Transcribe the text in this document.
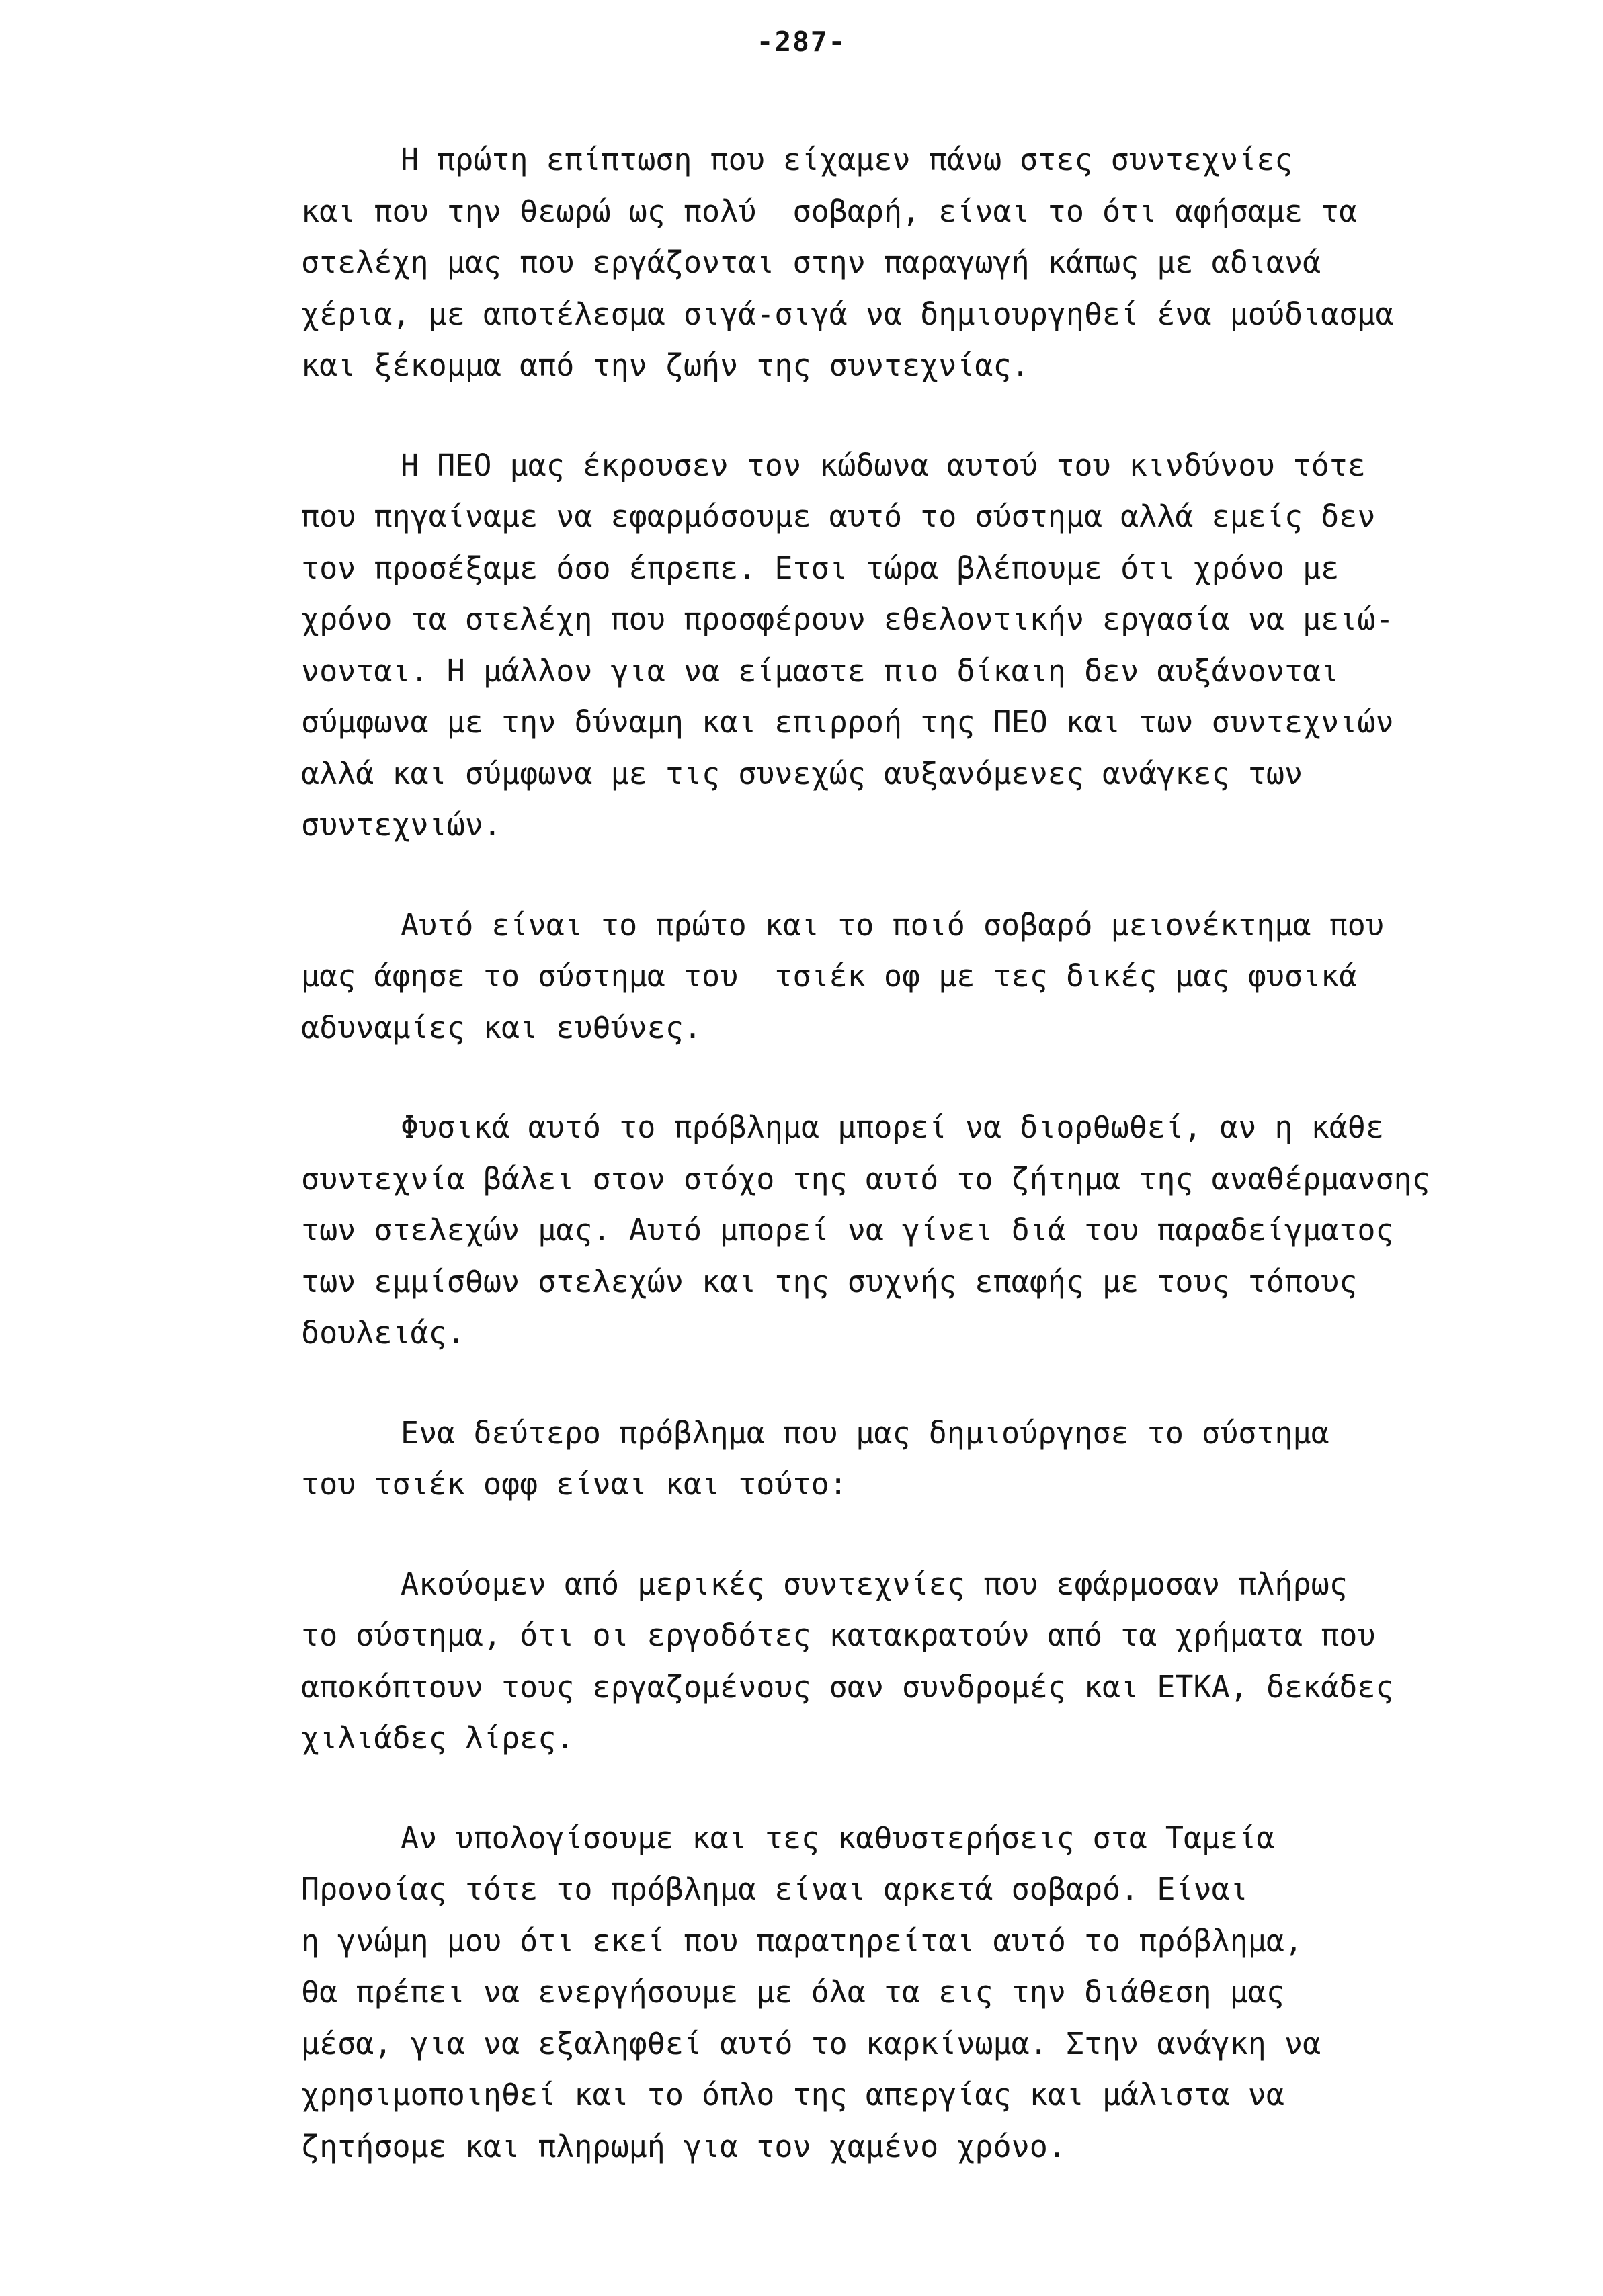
-287-

Η πρώτη επίπτωση που είχαμεν πάνω στες συντεχνίες
και που την θεωρώ ως πολύ  σοβαρή, είναι το ότι αφήσαμε τα
στελέχη μας που εργάζονται στην παραγωγή κάπως με αδιανά
χέρια, με αποτέλεσμα σιγά-σιγά να δημιουργηθεί ένα μούδιασμα
και ξέκομμα από την ζωήν της συντεχνίας.

Η ΠΕΟ μας έκρουσεν τον κώδωνα αυτού του κινδύνου τότε
που πηγαίναμε να εφαρμόσουμε αυτό το σύστημα αλλά εμείς δεν
τον προσέξαμε όσο έπρεπε. Ετσι τώρα βλέπουμε ότι χρόνο με
χρόνο τα στελέχη που προσφέρουν εθελοντικήν εργασία να μειώ-
νονται. Η μάλλον για να είμαστε πιο δίκαιη δεν αυξάνονται
σύμφωνα με την δύναμη και επιρροή της ΠΕΟ και των συντεχνιών
αλλά και σύμφωνα με τις συνεχώς αυξανόμενες ανάγκες των
συντεχνιών.

Αυτό είναι το πρώτο και το ποιό σοβαρό μειονέκτημα που
μας άφησε το σύστημα του  τσιέκ οφ με τες δικές μας φυσικά
αδυναμίες και ευθύνες.

Φυσικά αυτό το πρόβλημα μπορεί να διορθωθεί, αν η κάθε
συντεχνία βάλει στον στόχο της αυτό το ζήτημα της αναθέρμανσης
των στελεχών μας. Αυτό μπορεί να γίνει διά του παραδείγματος
των εμμίσθων στελεχών και της συχνής επαφής με τους τόπους
δουλειάς.

Ενα δεύτερο πρόβλημα που μας δημιούργησε το σύστημα
του τσιέκ οφφ είναι και τούτο:

Ακούομεν από μερικές συντεχνίες που εφάρμοσαν πλήρως
το σύστημα, ότι οι εργοδότες κατακρατούν από τα χρήματα που
αποκόπτουν τους εργαζομένους σαν συνδρομές και ΕΤΚΑ, δεκάδες
χιλιάδες λίρες.

Αν υπολογίσουμε και τες καθυστερήσεις στα Ταμεία
Προνοίας τότε το πρόβλημα είναι αρκετά σοβαρό. Είναι
η γνώμη μου ότι εκεί που παρατηρείται αυτό το πρόβλημα,
θα πρέπει να ενεργήσουμε με όλα τα εις την διάθεση μας
μέσα, για να εξαληφθεί αυτό το καρκίνωμα. Στην ανάγκη να
χρησιμοποιηθεί και το όπλο της απεργίας και μάλιστα να
ζητήσομε και πληρωμή για τον χαμένο χρόνο.
